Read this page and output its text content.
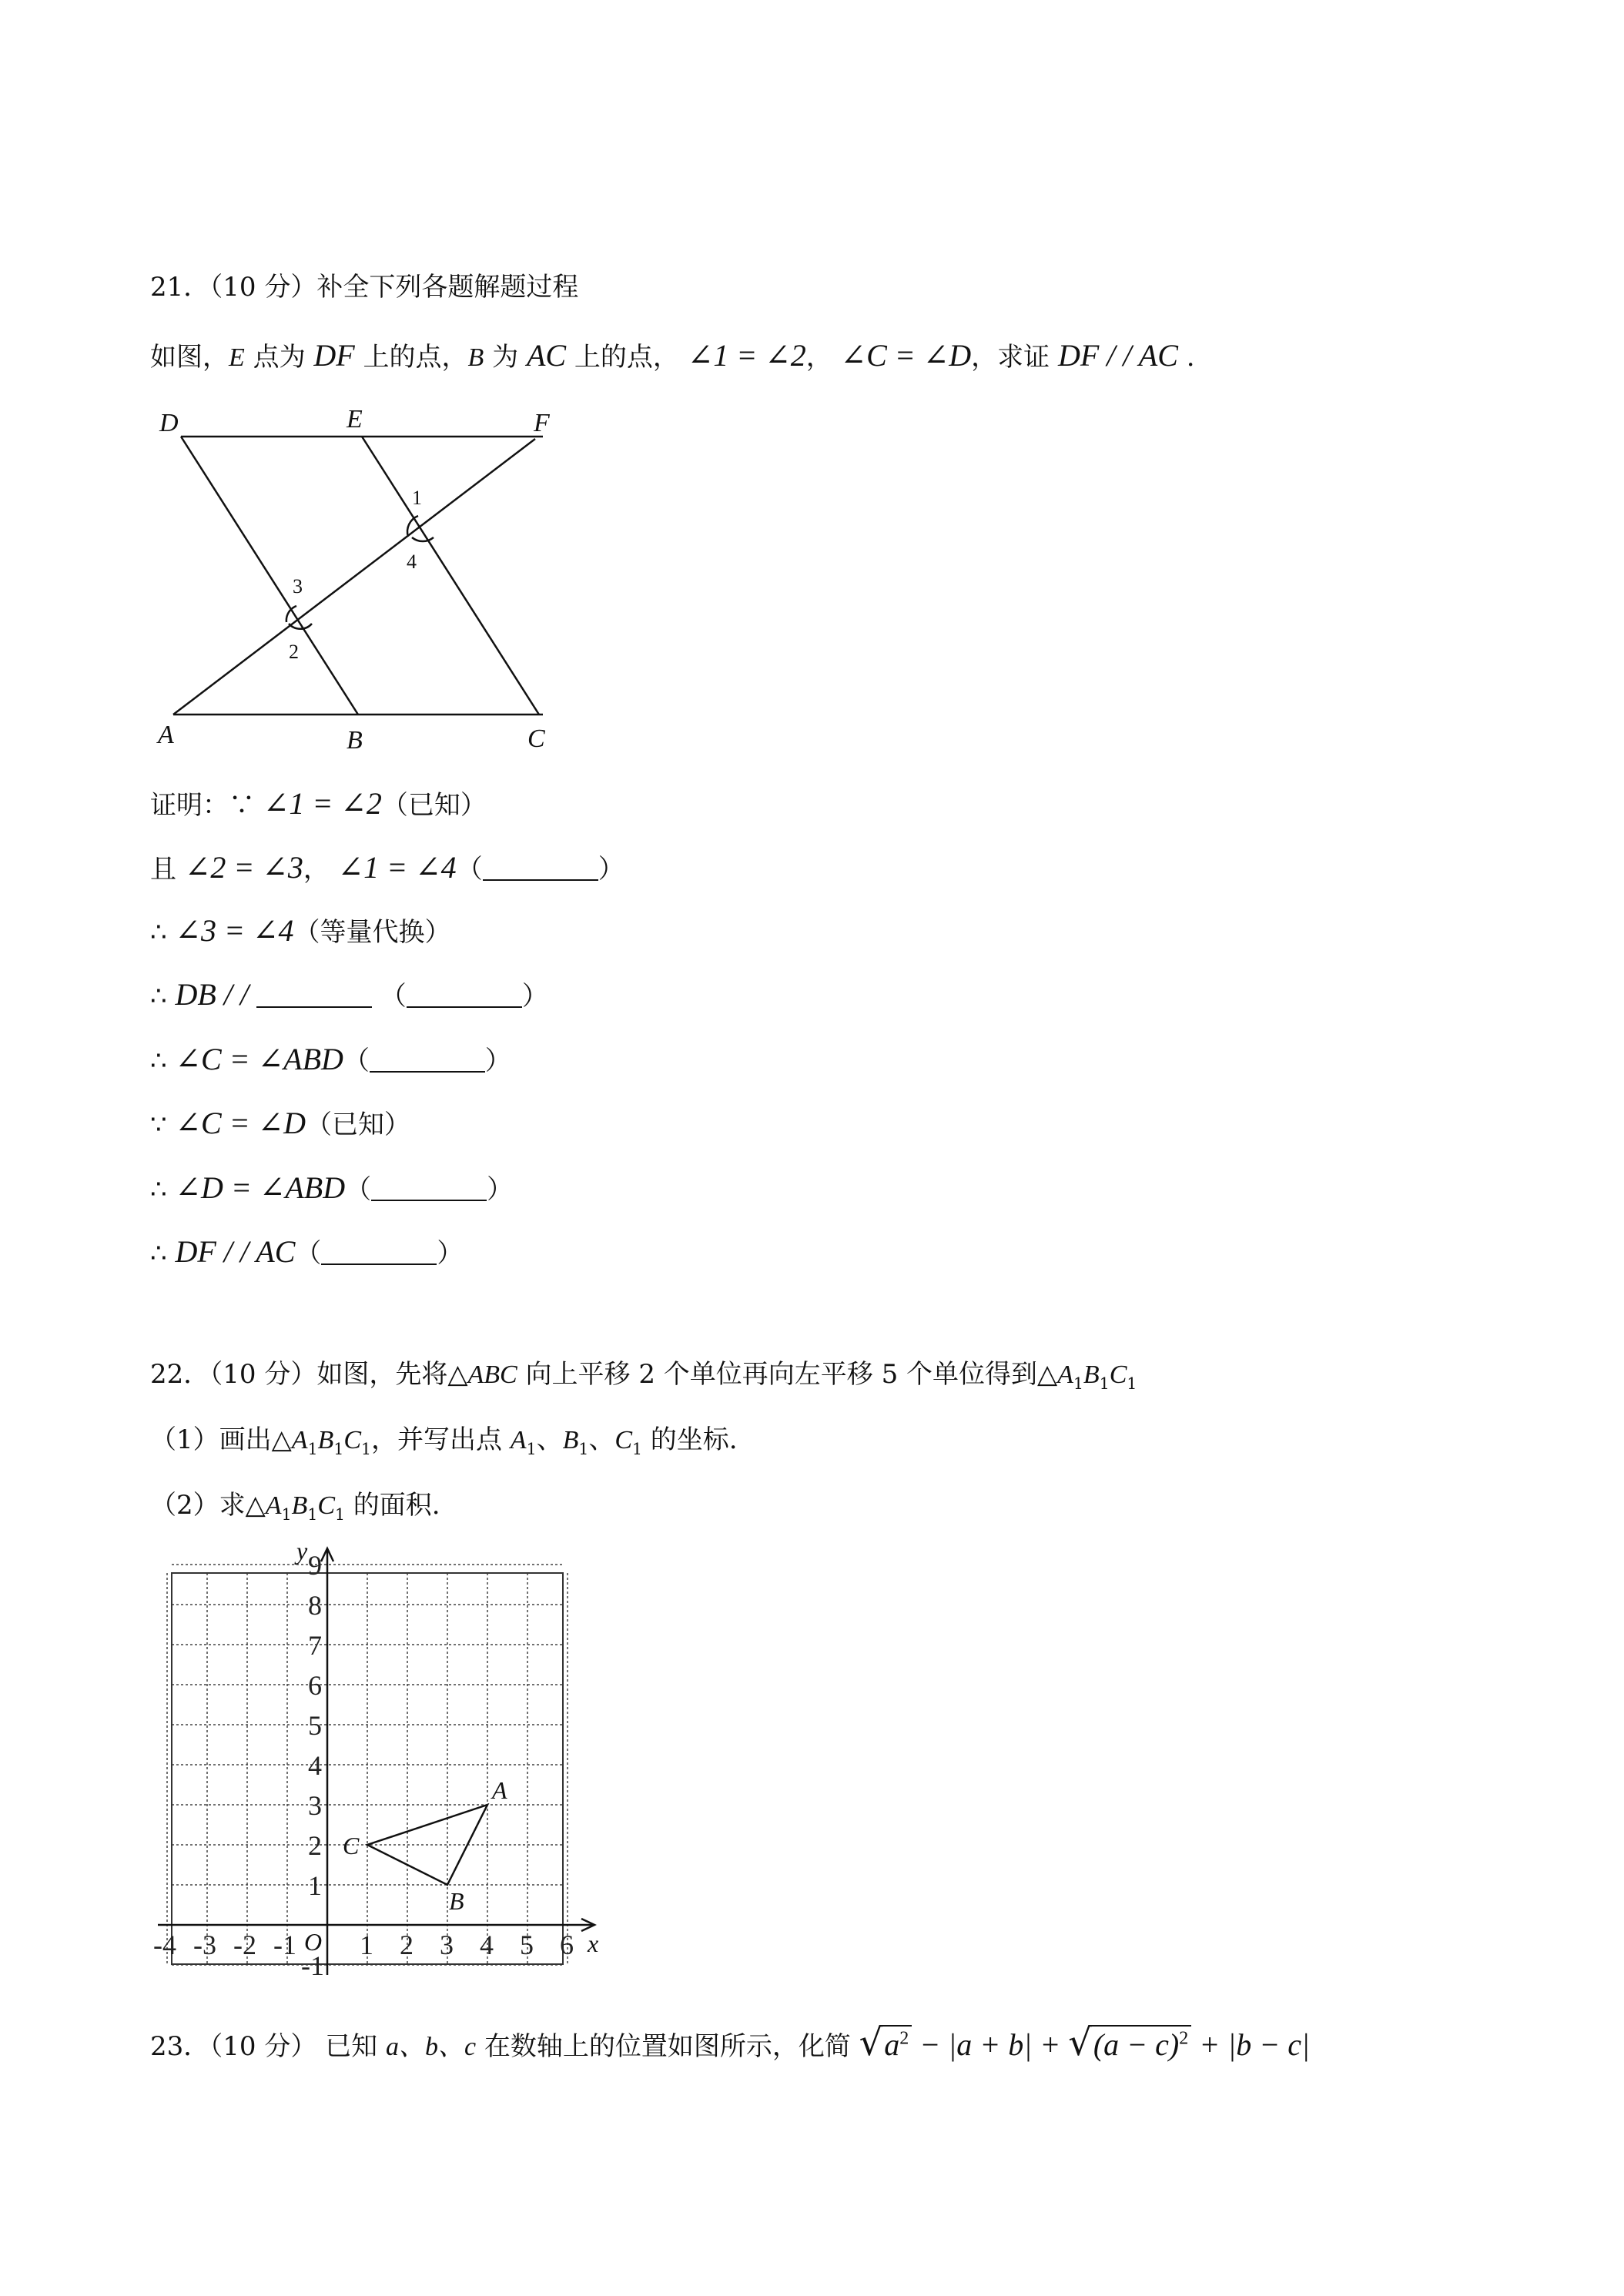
21．（10 分）补全下列各题解题过程
如图，E 点为 DF 上的点，B 为 AC 上的点， ∠1 = ∠2， ∠C = ∠D，求证 DF / / AC .
D	E	F
A	B	C
1
4
3
2
证明：∵ ∠1 = ∠2（已知）
且 ∠2 = ∠3， ∠1 = ∠4（	）
∴ ∠3 = ∠4（等量代换）
∴ DB / /	（	）
∴ ∠C = ∠ABD（	）
∵ ∠C = ∠D（已知）
∴ ∠D = ∠ABD（	）
∴ DF / / AC（	）
22．（10 分）如图，先将△ABC 向上平移 2 个单位再向左平移 5 个单位得到$\triangle A_1B_1C_1$
（1）画出$\triangle A_1B_1C_1$，并写出点 $A_1$、$B_1$、$C_1$ 的坐标.
（2）求$\triangle A_1B_1C_1$ 的面积.
-4 -3 -2 -1 1 2 3 4 5 6
9
8
7
6
5
4
3
2
1
-1
A
B
C
x
y
O
23．（10 分） 已知 a、b、c 在数轴上的位置如图所示，化简 $√a^2 - |a + b| + √(a - c)^2 + |b - c|$
